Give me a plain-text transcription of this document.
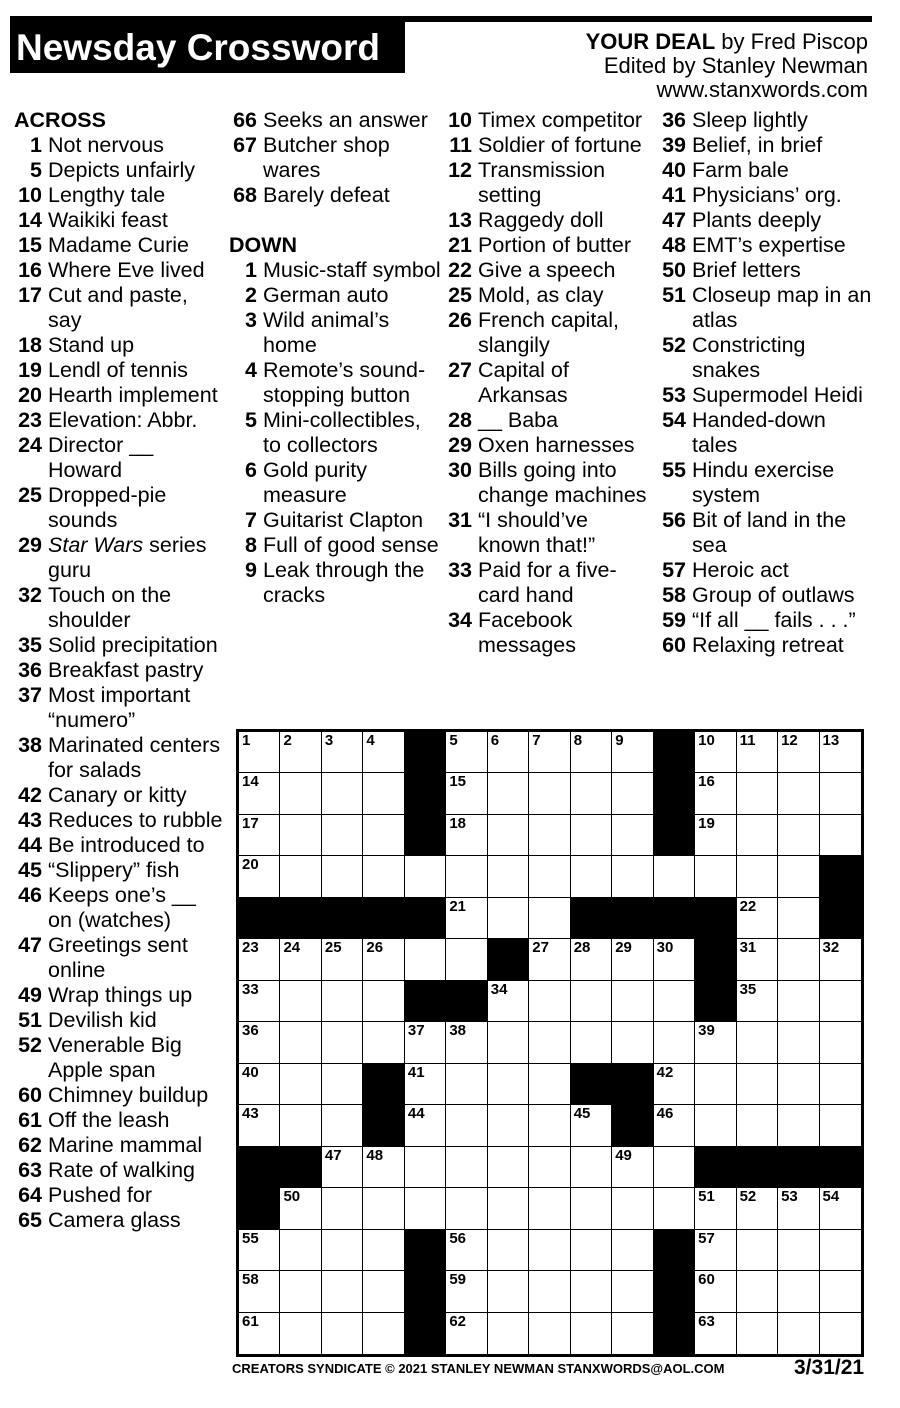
Newsday Crossword	YOUR DEAL by Fred Piscop
Edited by Stanley Newman
www.stanxwords.com
ACROSS
1 Not nervous
5 Depicts unfairly
10 Lengthy tale
14 Waikiki feast
15 Madame Curie
16 Where Eve lived
17 Cut and paste, say
18 Stand up
19 Lendl of tennis
20 Hearth implement
23 Elevation: Abbr.
24 Director __ Howard
25 Dropped-pie sounds
29 Star Wars series guru
32 Touch on the shoulder
35 Solid precipitation
36 Breakfast pastry
37 Most important “numero”
38 Marinated centers for salads
42 Canary or kitty
43 Reduces to rubble
44 Be introduced to
45 “Slippery” fish
46 Keeps one’s __ on (watches)
47 Greetings sent online
49 Wrap things up
51 Devilish kid
52 Venerable Big Apple span
60 Chimney buildup
61 Off the leash
62 Marine mammal
63 Rate of walking
64 Pushed for
65 Camera glass
66 Seeks an answer
67 Butcher shop wares
68 Barely defeat
DOWN
1 Music-staff symbol
2 German auto
3 Wild animal’s home
4 Remote’s sound-stopping button
5 Mini-collectibles, to collectors
6 Gold purity measure
7 Guitarist Clapton
8 Full of good sense
9 Leak through the cracks
10 Timex competitor
11 Soldier of fortune
12 Transmission setting
13 Raggedy doll
21 Portion of butter
22 Give a speech
25 Mold, as clay
26 French capital, slangily
27 Capital of Arkansas
28 __ Baba
29 Oxen harnesses
30 Bills going into change machines
31 “I should’ve known that!”
33 Paid for a five-card hand
34 Facebook messages
36 Sleep lightly
39 Belief, in brief
40 Farm bale
41 Physicians’ org.
47 Plants deeply
48 EMT’s expertise
50 Brief letters
51 Closeup map in an atlas
52 Constricting snakes
53 Supermodel Heidi
54 Handed-down tales
55 Hindu exercise system
56 Bit of land in the sea
57 Heroic act
58 Group of outlaws
59 “If all __ fails . . .”
60 Relaxing retreat
1 2 3 4	5 6 7 8 9	10 11 12 13
14	15	16
17	18	19
20
21	22
23 24 25 26	27 28 29 30	31	32
33	34	35
36	37 38	39
40	41	42
43	44	45	46
47 48	49
50	51 52 53 54
55	56	57
58	59	60
61	62	63
CREATORS SYNDICATE © 2021 STANLEY NEWMAN STANXWORDS@AOL.COM	3/31/21
